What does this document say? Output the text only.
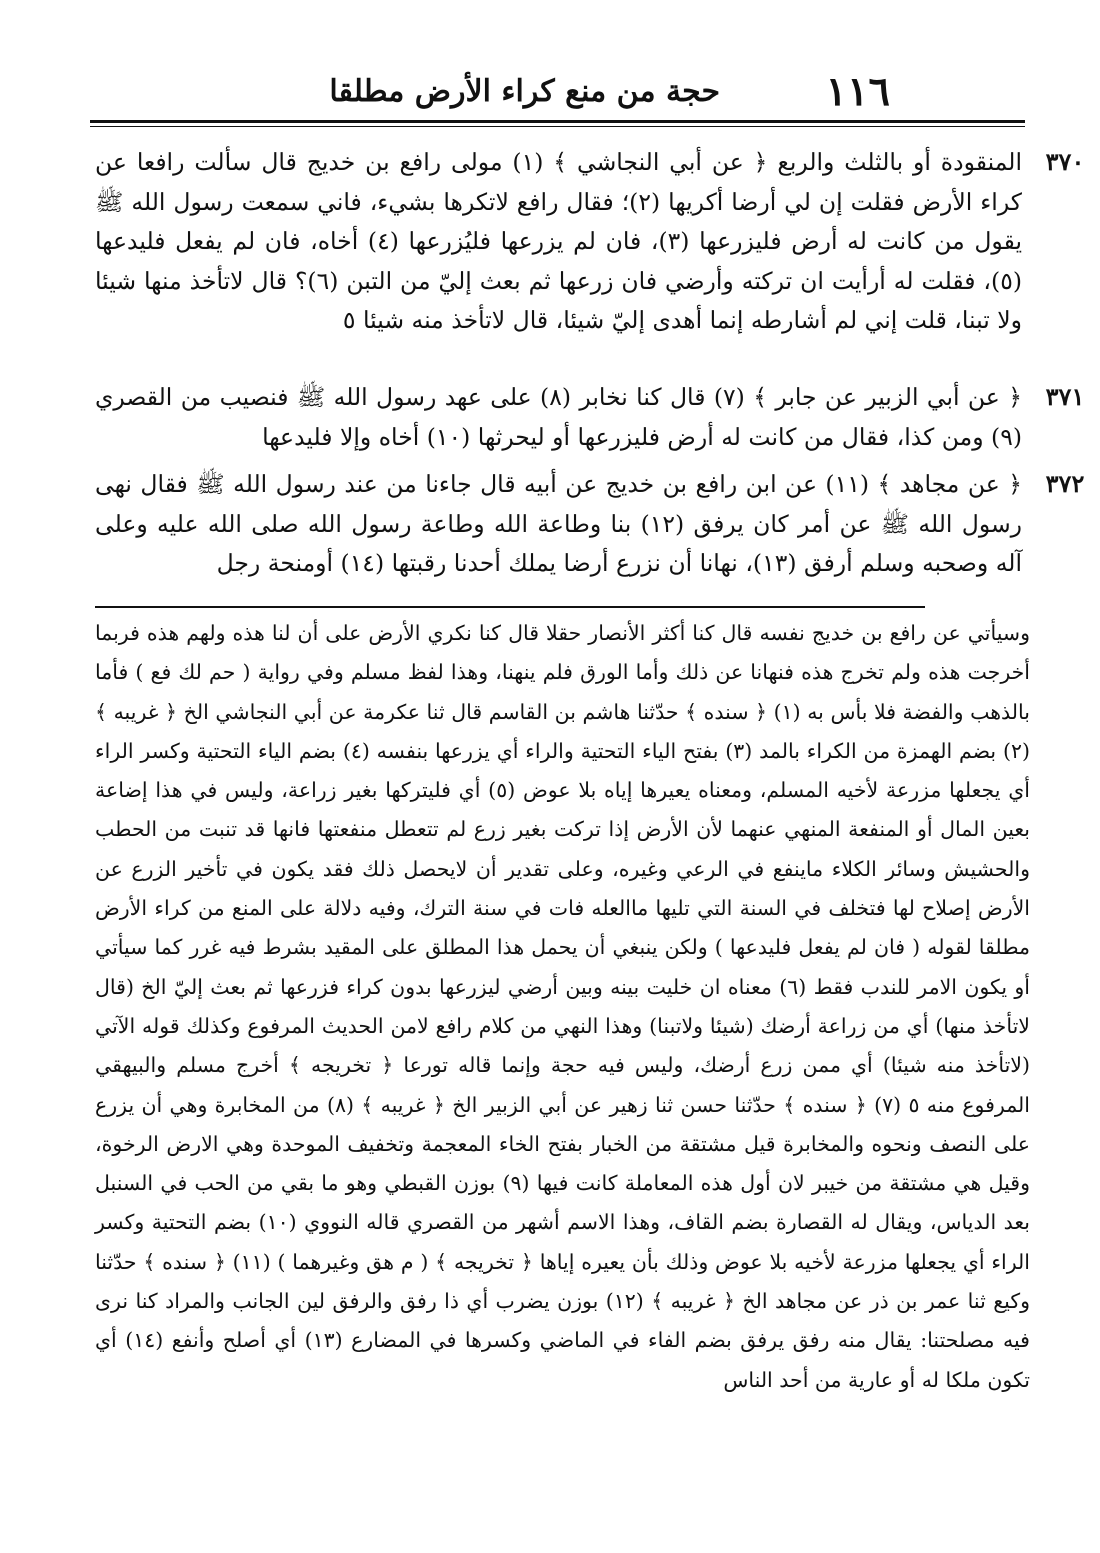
١١٦
حجة من منع كراء الأرض مطلقا
٣٧٠
المنقودة أو بالثلث والربع ﴿ عن أبي النجاشي ﴾ (١) مولى رافع بن خديج قال سألت رافعا عن كراء الأرض فقلت إن لي أرضا أكريها (٢)؛ فقال رافع لاتكرها بشيء، فاني سمعت رسول الله ﷺ يقول من كانت له أرض فليزرعها (٣)، فان لم يزرعها فليُزرعها (٤) أخاه، فان لم يفعل فليدعها (٥)، فقلت له أرأيت ان تركته وأرضي فان زرعها ثم بعث إليّ من التبن (٦)؟ قال لاتأخذ منها شيئا ولا تبنا، قلت إني لم أشارطه إنما أهدى إليّ شيئا، قال لاتأخذ منه شيئا ٥
٣٧١
﴿ عن أبي الزبير عن جابر ﴾ (٧) قال كنا نخابر (٨) على عهد رسول الله ﷺ فنصيب من القصري (٩) ومن كذا، فقال من كانت له أرض فليزرعها أو ليحرثها (١٠) أخاه وإلا فليدعها
٣٧٢
﴿ عن مجاهد ﴾ (١١) عن ابن رافع بن خديج عن أبيه قال جاءنا من عند رسول الله ﷺ فقال نهى رسول الله ﷺ عن أمر كان يرفق (١٢) بنا وطاعة الله وطاعة رسول الله صلى الله عليه وعلى آله وصحبه وسلم أرفق (١٣)، نهانا أن نزرع أرضا يملك أحدنا رقبتها (١٤) أومنحة رجل

وسيأتي عن رافع بن خديج نفسه قال كنا أكثر الأنصار حقلا قال كنا نكري الأرض على أن لنا هذه ولهم هذه فربما أخرجت هذه ولم تخرج هذه فنهانا عن ذلك وأما الورق فلم ينهنا، وهذا لفظ مسلم وفي رواية ( حم لك فع ) فأما بالذهب والفضة فلا بأس به (١) ﴿ سنده ﴾ حدّثنا هاشم بن القاسم قال ثنا عكرمة عن أبي النجاشي الخ ﴿ غريبه ﴾ (٢) بضم الهمزة من الكراء بالمد (٣) بفتح الياء التحتية والراء أي يزرعها بنفسه (٤) بضم الياء التحتية وكسر الراء أي يجعلها مزرعة لأخيه المسلم، ومعناه يعيرها إياه بلا عوض (٥) أي فليتركها بغير زراعة، وليس في هذا إضاعة بعين المال أو المنفعة المنهي عنهما لأن الأرض إذا تركت بغير زرع لم تتعطل منفعتها فانها قد تنبت من الحطب والحشيش وسائر الكلاء ماينفع في الرعي وغيره، وعلى تقدير أن لايحصل ذلك فقد يكون في تأخير الزرع عن الأرض إصلاح لها فتخلف في السنة التي تليها ماالعله فات في سنة الترك، وفيه دلالة على المنع من كراء الأرض مطلقا لقوله ( فان لم يفعل فليدعها ) ولكن ينبغي أن يحمل هذا المطلق على المقيد بشرط فيه غرر كما سيأتي أو يكون الامر للندب فقط (٦) معناه ان خليت بينه وبين أرضي ليزرعها بدون كراء فزرعها ثم بعث إليّ الخ (قال لاتأخذ منها) أي من زراعة أرضك (شيئا ولاتبنا) وهذا النهي من كلام رافع لامن الحديث المرفوع وكذلك قوله الآتي (لاتأخذ منه شيئا) أي ممن زرع أرضك، وليس فيه حجة وإنما قاله تورعا ﴿ تخريجه ﴾ أخرج مسلم والبيهقي المرفوع منه ٥ (٧) ﴿ سنده ﴾ حدّثنا حسن ثنا زهير عن أبي الزبير الخ ﴿ غريبه ﴾ (٨) من المخابرة وهي أن يزرع على النصف ونحوه والمخابرة قيل مشتقة من الخبار بفتح الخاء المعجمة وتخفيف الموحدة وهي الارض الرخوة، وقيل هي مشتقة من خيبر لان أول هذه المعاملة كانت فيها (٩) بوزن القبطي وهو ما بقي من الحب في السنبل بعد الدياس، ويقال له القصارة بضم القاف، وهذا الاسم أشهر من القصري قاله النووي (١٠) بضم التحتية وكسر الراء أي يجعلها مزرعة لأخيه بلا عوض وذلك بأن يعيره إياها ﴿ تخريجه ﴾ ( م هق وغيرهما ) (١١) ﴿ سنده ﴾ حدّثنا وكيع ثنا عمر بن ذر عن مجاهد الخ ﴿ غريبه ﴾ (١٢) بوزن يضرب أي ذا رفق والرفق لين الجانب والمراد كنا نرى فيه مصلحتنا: يقال منه رفق يرفق بضم الفاء في الماضي وكسرها في المضارع (١٣) أي أصلح وأنفع (١٤) أي تكون ملكا له أو عارية من أحد الناس
